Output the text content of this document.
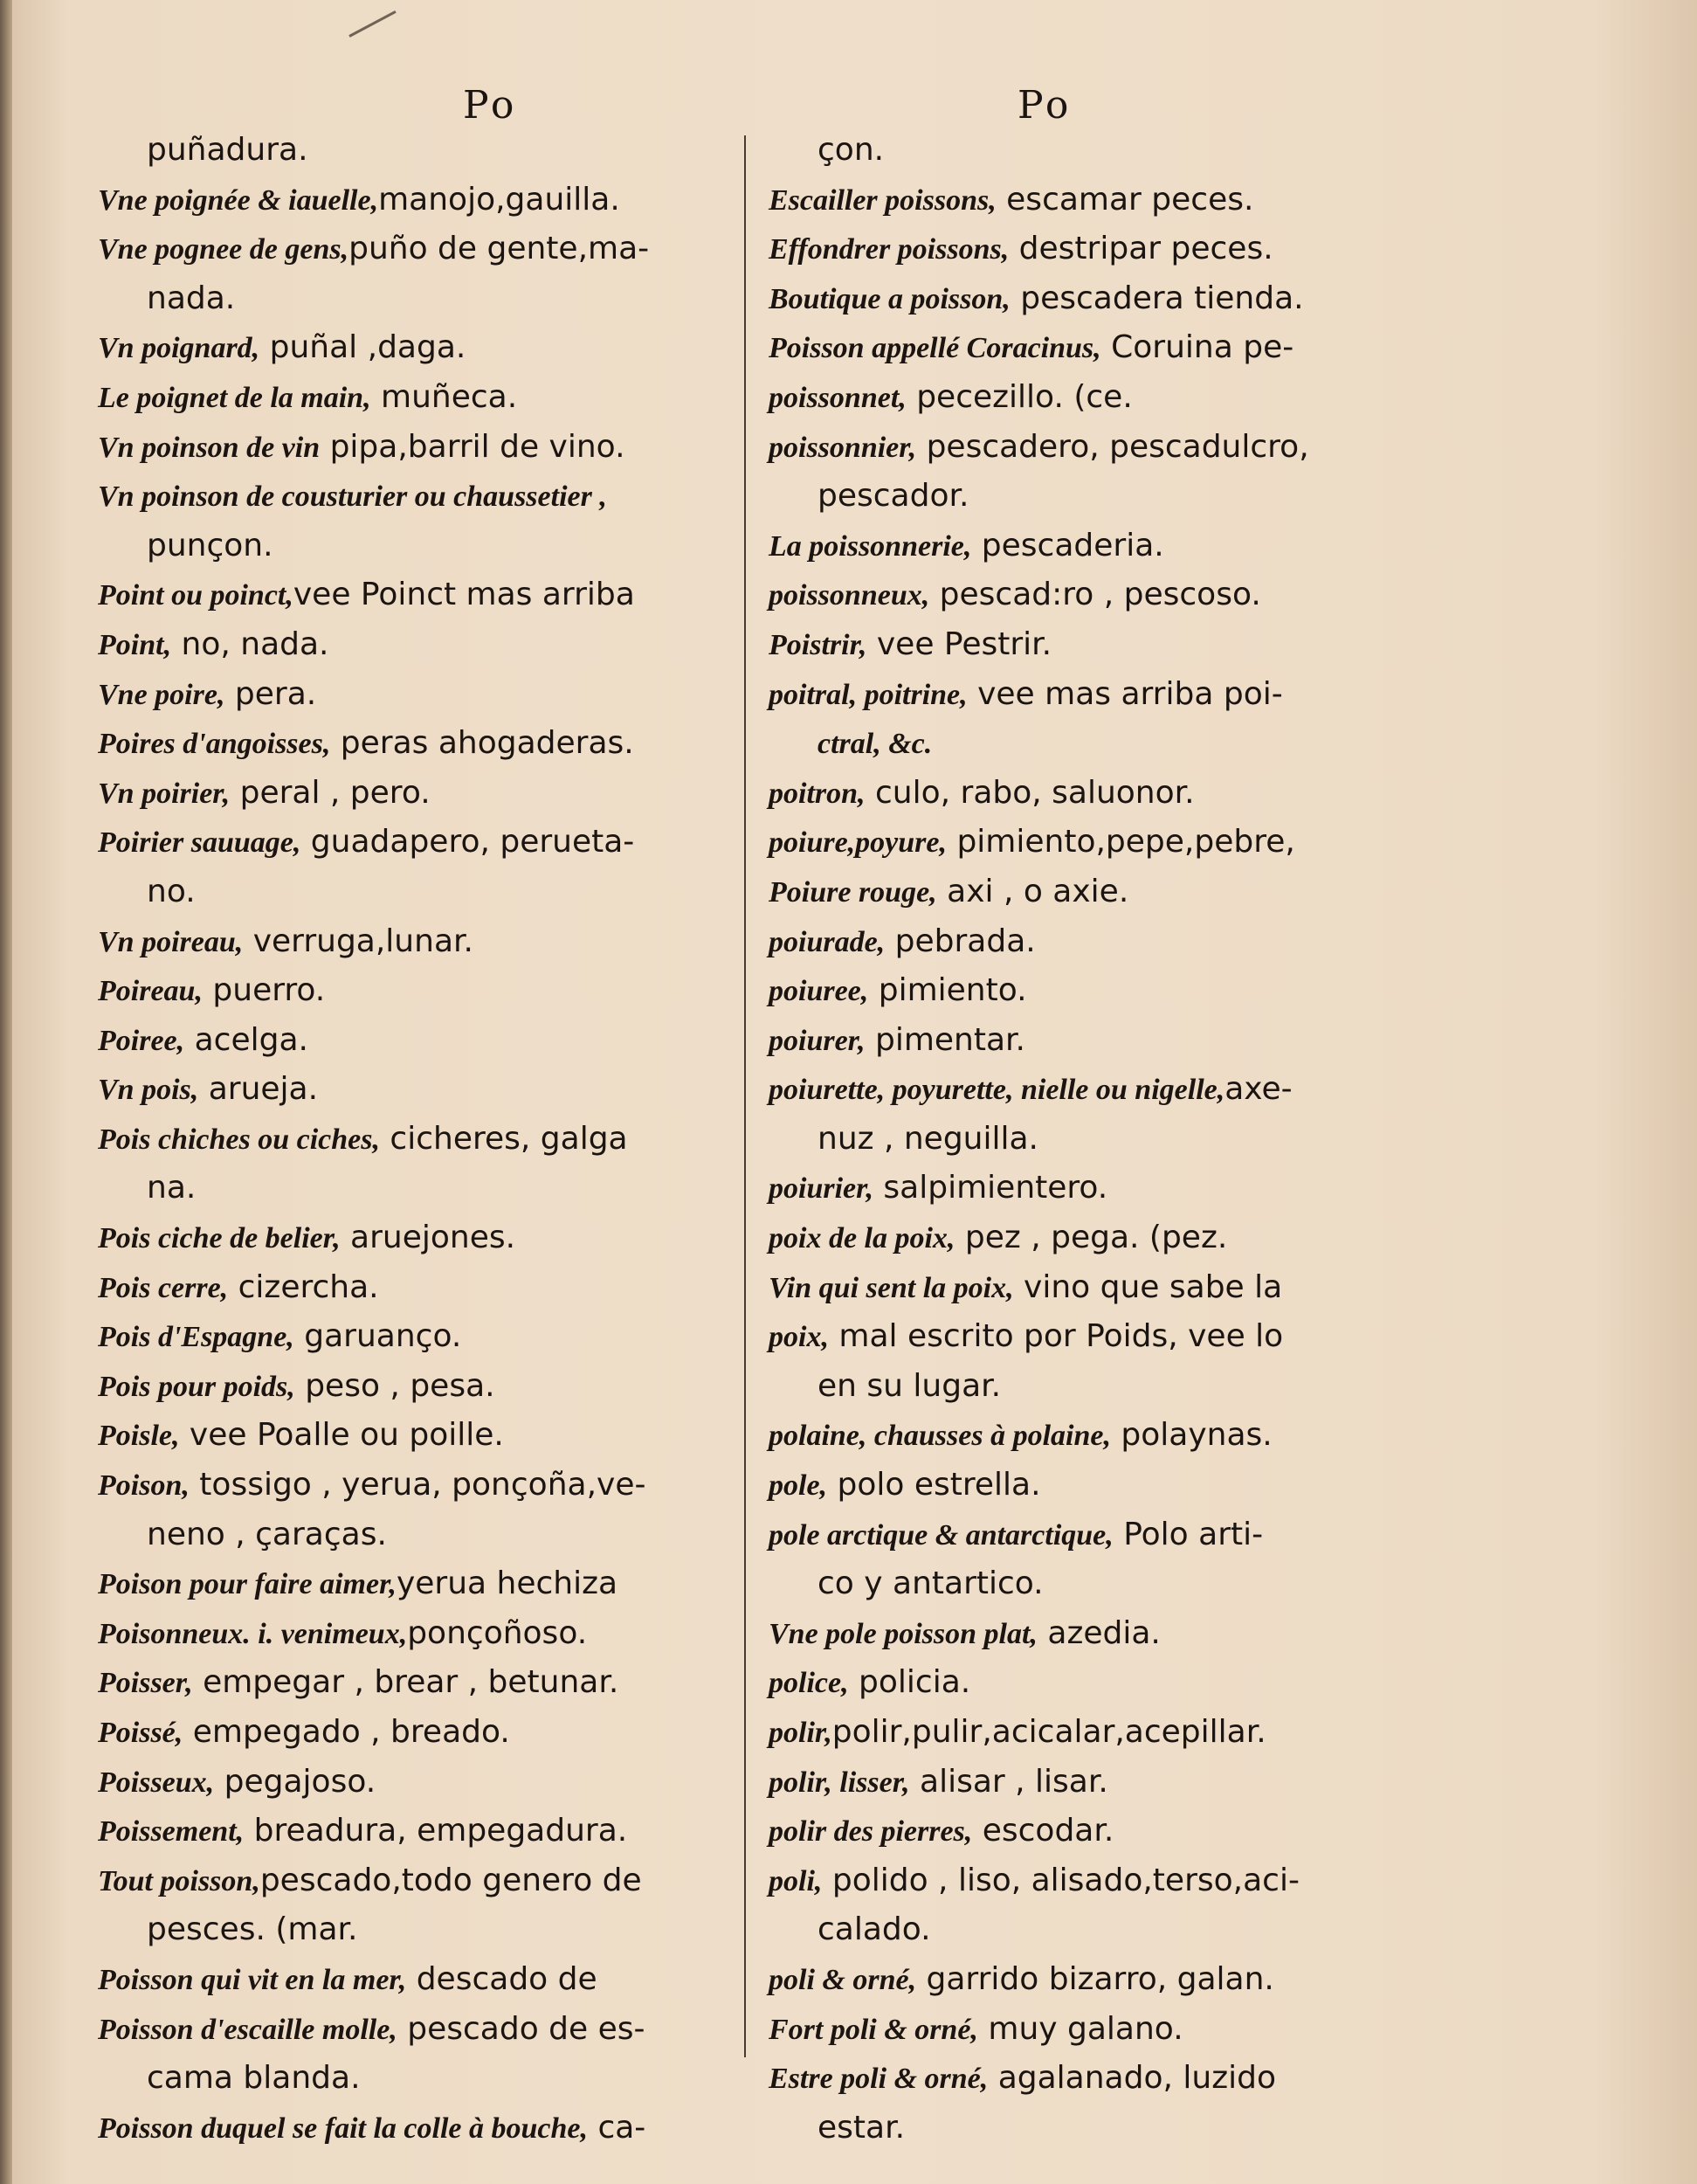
Po	Po
puñadura.
Vne poignée & iauelle,manojo,gauilla.
Vne pognee de gens,puño de gente,ma-
nada.
Vn poignard, puñal ,daga.
Le poignet de la main, muñeca.
Vn poinson de vin pipa,barril de vino.
Vn poinson de cousturier ou chaussetier ,
punçon.
Point ou poinct,vee Poinct mas arriba
Point, no, nada.
Vne poire, pera.
Poires d'angoisses, peras ahogaderas.
Vn poirier, peral , pero.
Poirier sauuage, guadapero, perueta-
no.
Vn poireau, verruga,lunar.
Poireau, puerro.
Poiree, acelga.
Vn pois, arueja.
Pois chiches ou ciches, cicheres, galga
na.
Pois ciche de belier, aruejones.
Pois cerre, cizercha.
Pois d'Espagne, garuanço.
Pois pour poids, peso , pesa.
Poisle, vee Poalle ou poille.
Poison, tossigo , yerua, ponçoña,ve-
neno , çaraças.
Poison pour faire aimer,yerua hechiza
Poisonneux. i. venimeux,ponçoñoso.
Poisser, empegar , brear , betunar.
Poissé, empegado , breado.
Poisseux, pegajoso.
Poissement, breadura, empegadura.
Tout poisson,pescado,todo genero de
pesces. (mar.
Poisson qui vit en la mer, descado de
Poisson d'escaille molle, pescado de es-
cama blanda.
Poisson duquel se fait la colle à bouche, ca-
çon.
Escailler poissons, escamar peces.
Effondrer poissons, destripar peces.
Boutique a poisson, pescadera tienda.
Poisson appellé Coracinus, Coruina pe-
poissonnet, pecezillo. (ce.
poissonnier, pescadero, pescadulcro,
pescador.
La poissonnerie, pescaderia.
poissonneux, pescad:ro , pescoso.
Poistrir, vee Pestrir.
poitral, poitrine, vee mas arriba poi-
ctral, &c.
poitron, culo, rabo, saluonor.
poiure,poyure, pimiento,pepe,pebre,
Poiure rouge, axi , o axie.
poiurade, pebrada.
poiuree, pimiento.
poiurer, pimentar.
poiurette, poyurette, nielle ou nigelle,axe-
nuz , neguilla.
poiurier, salpimientero.
poix de la poix, pez , pega. (pez.
Vin qui sent la poix, vino que sabe la
poix, mal escrito por Poids, vee lo
en su lugar.
polaine, chausses à polaine, polaynas.
pole, polo estrella.
pole arctique & antarctique, Polo arti-
co y antartico.
Vne pole poisson plat, azedia.
police, policia.
polir,polir,pulir,acicalar,acepillar.
polir, lisser, alisar , lisar.
polir des pierres, escodar.
poli, polido , liso, alisado,terso,aci-
calado.
poli & orné, garrido bizarro, galan.
Fort poli & orné, muy galano.
Estre poli & orné, agalanado, luzido
estar.
